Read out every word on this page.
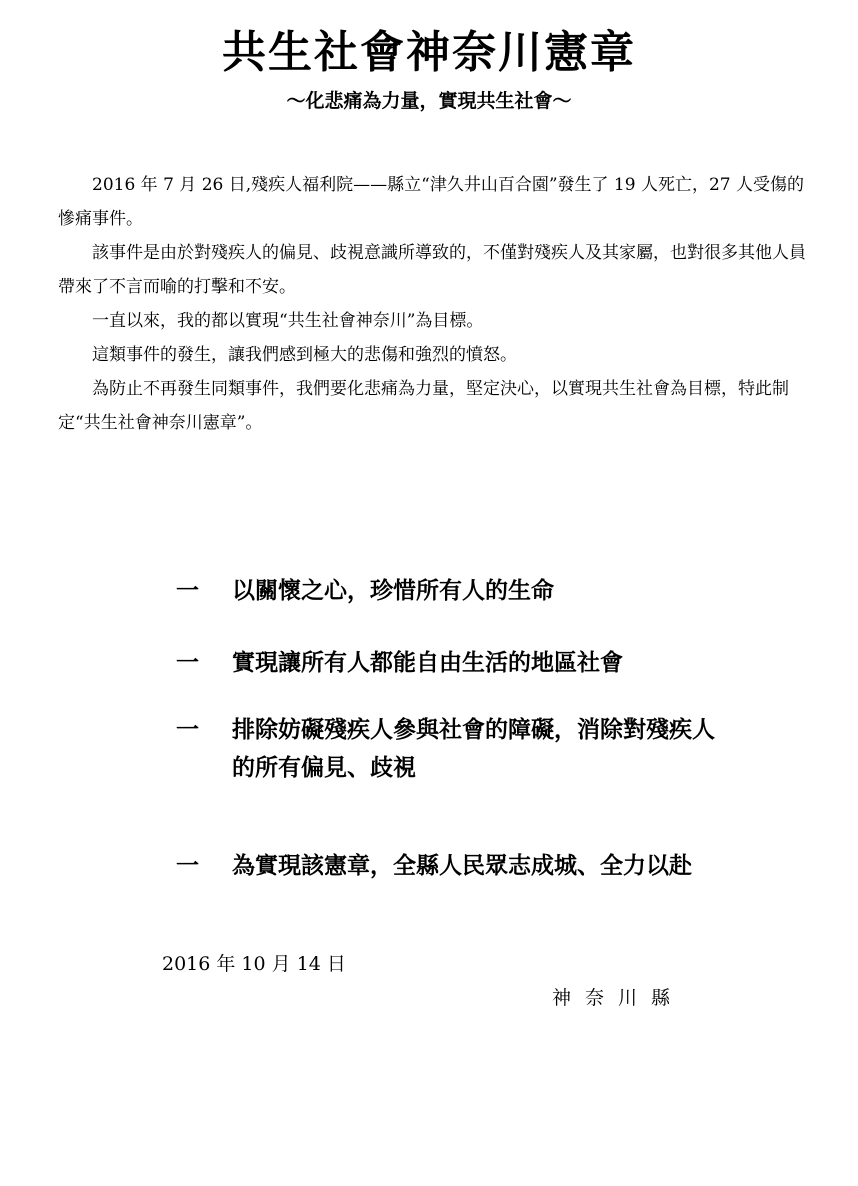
共生社會神奈川憲章
～化悲痛為力量，實現共生社會～

2016 年 7 月 26 日,殘疾人福利院——縣立“津久井山百合園”發生了 19 人死亡，27 人受傷的慘痛事件。

該事件是由於對殘疾人的偏見、歧視意識所導致的，不僅對殘疾人及其家屬，也對很多其他人員帶來了不言而喻的打擊和不安。

一直以來，我的都以實現“共生社會神奈川”為目標。

這類事件的發生，讓我們感到極大的悲傷和強烈的憤怒。

為防止不再發生同類事件，我們要化悲痛為力量，堅定決心，以實現共生社會為目標，特此制定“共生社會神奈川憲章”。

一	以關懷之心，珍惜所有人的生命
一	實現讓所有人都能自由生活的地區社會
一	排除妨礙殘疾人參與社會的障礙，消除對殘疾人的所有偏見、歧視
一	為實現該憲章，全縣人民眾志成城、全力以赴
2016 年 10 月 14 日
神奈川縣
